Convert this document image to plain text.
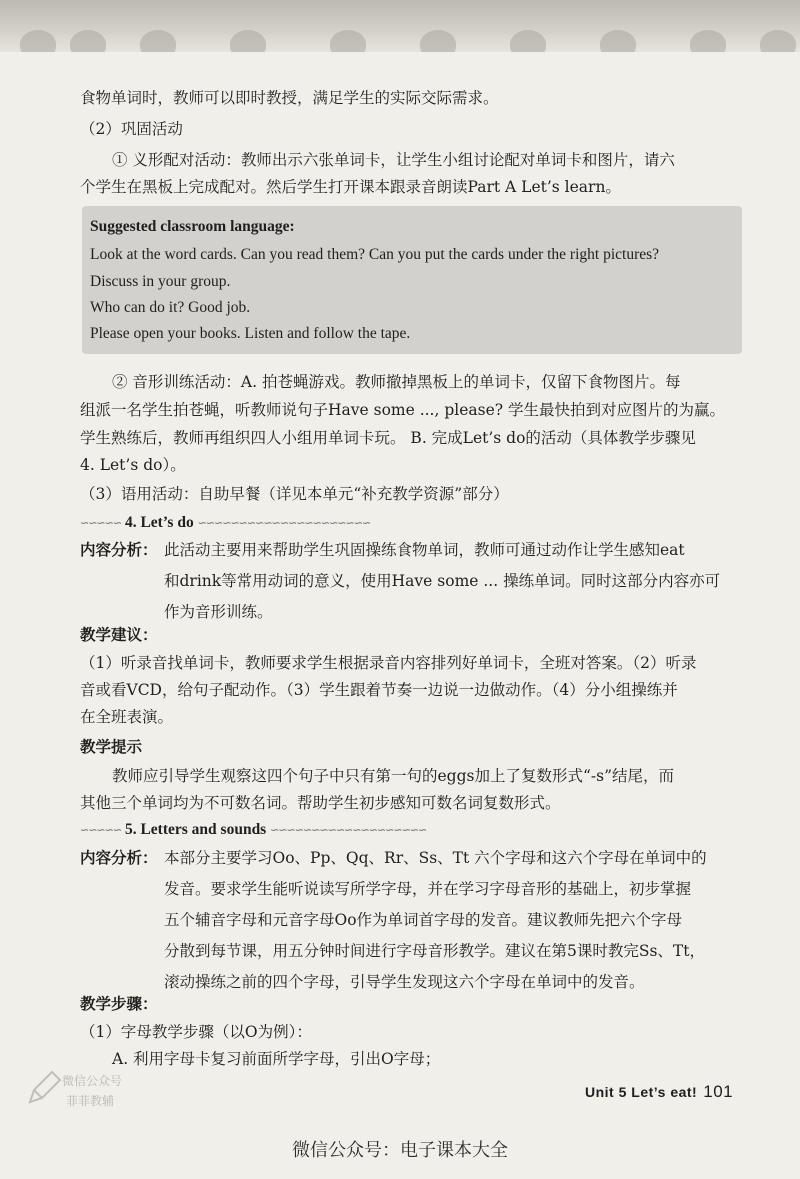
食物单词时，教师可以即时教授，满足学生的实际交际需求。
（2）巩固活动
① 义形配对活动：教师出示六张单词卡，让学生小组讨论配对单词卡和图片，请六
个学生在黑板上完成配对。然后学生打开课本跟录音朗读Part A Let’s learn。
Suggested classroom language:
Look at the word cards. Can you read them? Can you put the cards under the right pictures?
Discuss in your group.
Who can do it? Good job.
Please open your books. Listen and follow the tape.
② 音形训练活动：A. 拍苍蝇游戏。教师撤掉黑板上的单词卡，仅留下食物图片。每
组派一名学生拍苍蝇，听教师说句子Have some ..., please? 学生最快拍到对应图片的为赢。
学生熟练后，教师再组织四人小组用单词卡玩。 B. 完成Let’s do的活动（具体教学步骤见
4. Let’s do）。
（3）语用活动：自助早餐（详见本单元“补充教学资源”部分）
∽∽∽∽∽ 4. Let’s do ∽∽∽∽∽∽∽∽∽∽∽∽∽∽∽∽∽∽∽∽∽
内容分析： 此活动主要用来帮助学生巩固操练食物单词，教师可通过动作让学生感知eat
和drink等常用动词的意义，使用Have some ... 操练单词。同时这部分内容亦可
作为音形训练。
教学建议：
（1）听录音找单词卡，教师要求学生根据录音内容排列好单词卡，全班对答案。（2）听录
音或看VCD，给句子配动作。（3）学生跟着节奏一边说一边做动作。（4）分小组操练并
在全班表演。
教学提示
教师应引导学生观察这四个句子中只有第一句的eggs加上了复数形式“-s”结尾，而
其他三个单词均为不可数名词。帮助学生初步感知可数名词复数形式。
∽∽∽∽∽ 5. Letters and sounds ∽∽∽∽∽∽∽∽∽∽∽∽∽∽∽∽∽∽∽
内容分析： 本部分主要学习Oo、Pp、Qq、Rr、Ss、Tt 六个字母和这六个字母在单词中的
发音。要求学生能听说读写所学字母，并在学习字母音形的基础上，初步掌握
五个辅音字母和元音字母Oo作为单词首字母的发音。建议教师先把六个字母
分散到每节课，用五分钟时间进行字母音形教学。建议在第5课时教完Ss、Tt，
滚动操练之前的四个字母，引导学生发现这六个字母在单词中的发音。
教学步骤：
（1）字母教学步骤（以O为例）：
A. 利用字母卡复习前面所学字母，引出O字母；
Unit 5 Let’s eat! 101
微信公众号
菲菲教辅
微信公众号：电子课本大全
